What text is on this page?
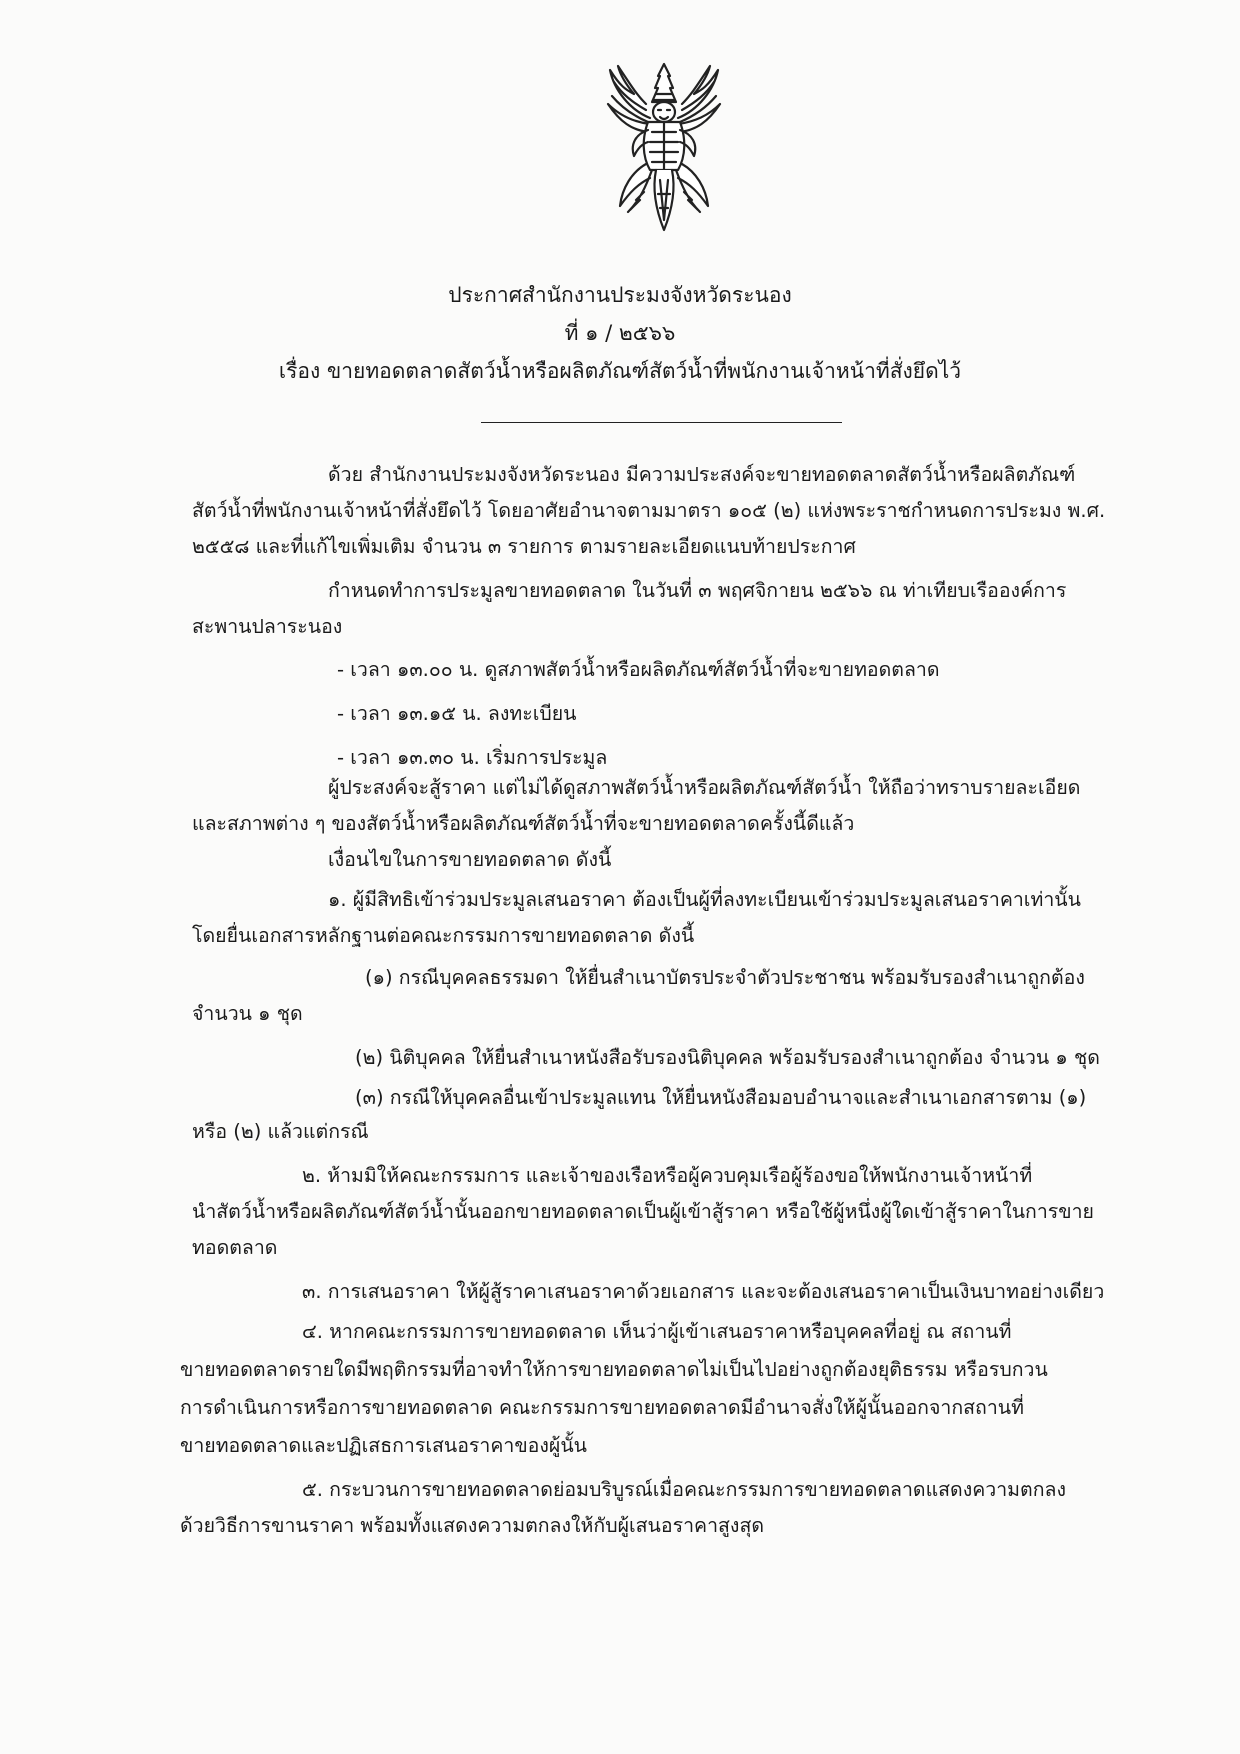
ประกาศสำนักงานประมงจังหวัดระนอง
ที่ ๑ / ๒๕๖๖
เรื่อง ขายทอดตลาดสัตว์น้ำหรือผลิตภัณฑ์สัตว์น้ำที่พนักงานเจ้าหน้าที่สั่งยึดไว้
ด้วย สำนักงานประมงจังหวัดระนอง มีความประสงค์จะขายทอดตลาดสัตว์น้ำหรือผลิตภัณฑ์
สัตว์น้ำที่พนักงานเจ้าหน้าที่สั่งยึดไว้ โดยอาศัยอำนาจตามมาตรา ๑๐๕ (๒) แห่งพระราชกำหนดการประมง พ.ศ.
๒๕๕๘ และที่แก้ไขเพิ่มเติม จำนวน ๓ รายการ ตามรายละเอียดแนบท้ายประกาศ
กำหนดทำการประมูลขายทอดตลาด ในวันที่ ๓ พฤศจิกายน ๒๕๖๖ ณ ท่าเทียบเรือองค์การ
สะพานปลาระนอง
- เวลา ๑๓.๐๐ น. ดูสภาพสัตว์น้ำหรือผลิตภัณฑ์สัตว์น้ำที่จะขายทอดตลาด
- เวลา ๑๓.๑๕ น. ลงทะเบียน
- เวลา ๑๓.๓๐ น. เริ่มการประมูล
ผู้ประสงค์จะสู้ราคา แต่ไม่ได้ดูสภาพสัตว์น้ำหรือผลิตภัณฑ์สัตว์น้ำ ให้ถือว่าทราบรายละเอียด
และสภาพต่าง ๆ ของสัตว์น้ำหรือผลิตภัณฑ์สัตว์น้ำที่จะขายทอดตลาดครั้งนี้ดีแล้ว
เงื่อนไขในการขายทอดตลาด ดังนี้
๑. ผู้มีสิทธิเข้าร่วมประมูลเสนอราคา ต้องเป็นผู้ที่ลงทะเบียนเข้าร่วมประมูลเสนอราคาเท่านั้น
โดยยื่นเอกสารหลักฐานต่อคณะกรรมการขายทอดตลาด ดังนี้
(๑) กรณีบุคคลธรรมดา ให้ยื่นสำเนาบัตรประจำตัวประชาชน พร้อมรับรองสำเนาถูกต้อง
จำนวน ๑ ชุด
(๒) นิติบุคคล ให้ยื่นสำเนาหนังสือรับรองนิติบุคคล พร้อมรับรองสำเนาถูกต้อง จำนวน ๑ ชุด
(๓) กรณีให้บุคคลอื่นเข้าประมูลแทน ให้ยื่นหนังสือมอบอำนาจและสำเนาเอกสารตาม (๑)
หรือ (๒) แล้วแต่กรณี
๒. ห้ามมิให้คณะกรรมการ และเจ้าของเรือหรือผู้ควบคุมเรือผู้ร้องขอให้พนักงานเจ้าหน้าที่
นำสัตว์น้ำหรือผลิตภัณฑ์สัตว์น้ำนั้นออกขายทอดตลาดเป็นผู้เข้าสู้ราคา หรือใช้ผู้หนึ่งผู้ใดเข้าสู้ราคาในการขาย
ทอดตลาด
๓. การเสนอราคา ให้ผู้สู้ราคาเสนอราคาด้วยเอกสาร และจะต้องเสนอราคาเป็นเงินบาทอย่างเดียว
๔. หากคณะกรรมการขายทอดตลาด เห็นว่าผู้เข้าเสนอราคาหรือบุคคลที่อยู่ ณ สถานที่
ขายทอดตลาดรายใดมีพฤติกรรมที่อาจทำให้การขายทอดตลาดไม่เป็นไปอย่างถูกต้องยุติธรรม หรือรบกวน
การดำเนินการหรือการขายทอดตลาด คณะกรรมการขายทอดตลาดมีอำนาจสั่งให้ผู้นั้นออกจากสถานที่
ขายทอดตลาดและปฏิเสธการเสนอราคาของผู้นั้น
๕. กระบวนการขายทอดตลาดย่อมบริบูรณ์เมื่อคณะกรรมการขายทอดตลาดแสดงความตกลง
ด้วยวิธีการขานราคา พร้อมทั้งแสดงความตกลงให้กับผู้เสนอราคาสูงสุด
